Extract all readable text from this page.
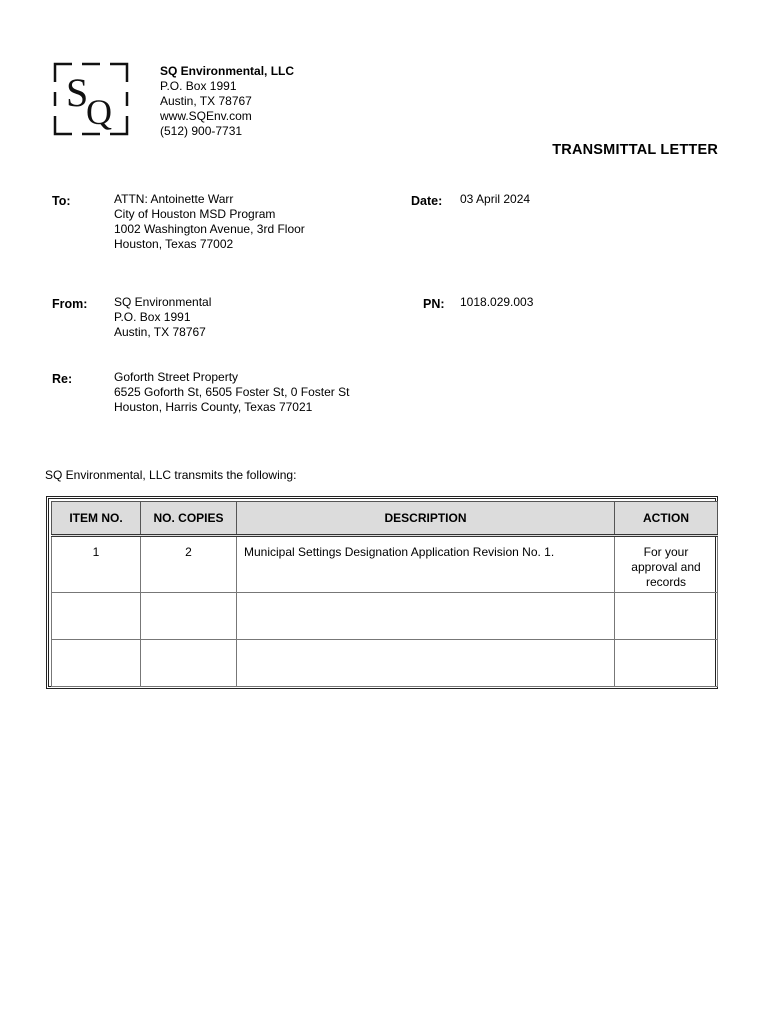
S
Q
SQ Environmental, LLC
P.O. Box 1991
Austin, TX 78767
www.SQEnv.com
(512) 900-7731
TRANSMITTAL LETTER
To:	ATTN: Antoinette Warr
City of Houston MSD Program
1002 Washington Avenue, 3rd Floor
Houston, Texas 77002
Date: 03 April 2024
From: SQ Environmental
P.O. Box 1991
Austin, TX 78767
PN: 1018.029.003
Re:	Goforth Street Property
6525 Goforth St, 6505 Foster St, 0 Foster St
Houston, Harris County, Texas 77021
SQ Environmental, LLC transmits the following:
ITEM NO.	NO. COPIES	DESCRIPTION	ACTION
1	2	Municipal Settings Designation Application Revision No. 1.	For your
approval and
records
